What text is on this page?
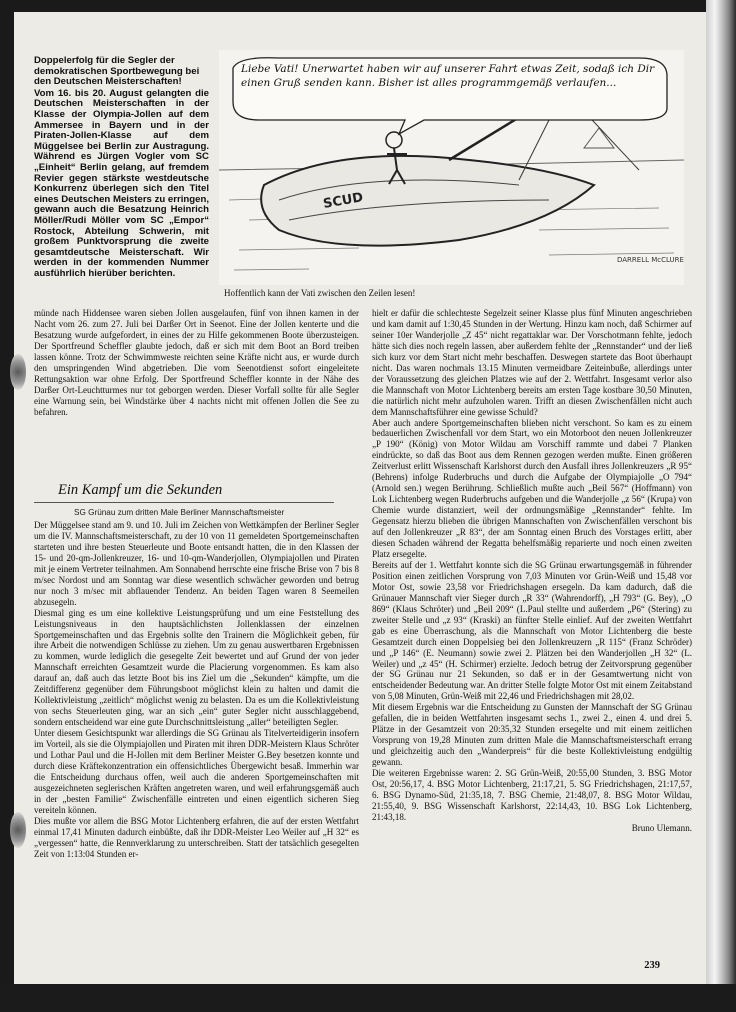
Doppelerfolg für die Segler der demokratischen Sportbewegung bei den Deutschen Meisterschaften!
Vom 16. bis 20. August gelangten die Deutschen Meisterschaften in der Klasse der Olympia-Jollen auf dem Ammersee in Bayern und in der Piraten-Jollen-Klasse auf dem Müggelsee bei Berlin zur Austragung. Während es Jürgen Vogler vom SC „Einheit“ Berlin gelang, auf fremdem Revier gegen stärkste westdeutsche Konkurrenz überlegen sich den Titel eines Deutschen Meisters zu erringen, gewann auch die Besatzung Heinrich Möller/Rudi Möller vom SC „Empor“ Rostock, Abteilung Schwerin, mit großem Punktvorsprung die zweite gesamtdeutsche Meisterschaft. Wir werden in der kommenden Nummer ausführlich hierüber berichten.
Liebe Vati! Unerwartet haben wir auf unserer Fahrt etwas Zeit, sodaß ich Dir einen Gruß senden kann. Bisher ist alles programmgemäß verlaufen...
SCUD
DARRELL McCLURE
Hoffentlich kann der Vati zwischen den Zeilen lesen!

münde nach Hiddensee waren sieben Jollen ausgelaufen, fünf von ihnen kamen in der Nacht vom 26. zum 27. Juli bei Darßer Ort in Seenot. Eine der Jollen kenterte und die Besatzung wurde aufgefordert, in eines der zu Hilfe gekommenen Boote überzusteigen. Der Sportfreund Scheffler glaubte jedoch, daß er sich mit dem Boot an Bord treiben lassen könne. Trotz der Schwimmweste reichten seine Kräfte nicht aus, er wurde durch den umspringenden Wind abgetrieben. Die vom Seenotdienst sofort eingeleitete Rettungsaktion war ohne Erfolg. Der Sportfreund Scheffler konnte in der Nähe des Darßer Ort-Leuchtturmes nur tot geborgen werden. Dieser Vorfall sollte für alle Segler eine Warnung sein, bei Windstärke über 4 nachts nicht mit offenen Jollen die See zu befahren.

Ein Kampf um die Sekunden
SG Grünau zum dritten Male Berliner Mannschaftsmeister

Der Müggelsee stand am 9. und 10. Juli im Zeichen von Wettkämpfen der Berliner Segler um die IV. Mannschaftsmeisterschaft, zu der 10 von 11 gemeldeten Sportgemeinschaften starteten und ihre besten Steuerleute und Boote entsandt hatten, die in den Klassen der 15- und 20-qm-Jollenkreuzer, 16- und 10-qm-Wanderjollen, Olympiajollen und Piraten mit je einem Vertreter teilnahmen. Am Sonnabend herrschte eine frische Brise von 7 bis 8 m/sec Nordost und am Sonntag war diese wesentlich schwächer geworden und betrug nur noch 3 m/sec mit abflauender Tendenz. An beiden Tagen waren 8 Seemeilen abzusegeln.

Diesmal ging es um eine kollektive Leistungsprüfung und um eine Feststellung des Leistungsniveaus in den hauptsächlichsten Jollenklassen der einzelnen Sportgemeinschaften und das Ergebnis sollte den Trainern die Möglichkeit geben, für ihre Arbeit die notwendigen Schlüsse zu ziehen. Um zu genau auswertbaren Ergebnissen zu kommen, wurde lediglich die gesegelte Zeit bewertet und auf Grund der von jeder Mannschaft erreichten Gesamtzeit wurde die Placierung vorgenommen. Es kam also darauf an, daß auch das letzte Boot bis ins Ziel um die „Sekunden“ kämpfte, um die Zeitdifferenz gegenüber dem Führungsboot möglichst klein zu halten und damit die Kollektivleistung „zeitlich“ möglichst wenig zu belasten. Da es um die Kollektivleistung von sechs Steuerleuten ging, war an sich „ein“ guter Segler nicht ausschlaggebend, sondern entscheidend war eine gute Durchschnittsleistung „aller“ beteiligten Segler.

Unter diesem Gesichtspunkt war allerdings die SG Grünau als Titelverteidigerin insofern im Vorteil, als sie die Olympiajollen und Piraten mit ihren DDR-Meistern Klaus Schröter und Lothar Paul und die H-Jollen mit dem Berliner Meister G.Bey besetzen konnte und durch diese Kräftekonzentration ein offensichtliches Übergewicht besaß. Immerhin war die Entscheidung durchaus offen, weil auch die anderen Sportgemeinschaften mit ausgezeichneten seglerischen Kräften angetreten waren, und weil erfahrungsgemäß auch in der „besten Familie“ Zwischenfälle eintreten und einen eigentlich sicheren Sieg vereiteln können.

Dies mußte vor allem die BSG Motor Lichtenberg erfahren, die auf der ersten Wettfahrt einmal 17,41 Minuten dadurch einbüßte, daß ihr DDR-Meister Leo Weiler auf „H 32“ es „vergessen“ hatte, die Rennverklarung zu unterschreiben. Statt der tatsächlich gesegelten Zeit von 1:13:04 Stunden er-

hielt er dafür die schlechteste Segelzeit seiner Klasse plus fünf Minuten angeschrieben und kam damit auf 1:30,45 Stunden in der Wertung. Hinzu kam noch, daß Schirmer auf seiner 10er Wanderjolle „Z 45“ nicht regattaklar war. Der Vorschotmann fehlte, jedoch hätte sich dies noch regeln lassen, aber außerdem fehlte der „Rennstander“ und der ließ sich kurz vor dem Start nicht mehr beschaffen. Deswegen startete das Boot überhaupt nicht. Das waren nochmals 13.15 Minuten vermeidbare Zeiteinbuße, allerdings unter der Voraussetzung des gleichen Platzes wie auf der 2. Wettfahrt. Insgesamt verlor also die Mannschaft von Motor Lichtenberg bereits am ersten Tage kostbare 30,50 Minuten, die natürlich nicht mehr aufzuholen waren. Trifft an diesen Zwischenfällen nicht auch dem Mannschaftsführer eine gewisse Schuld?

Aber auch andere Sportgemeinschaften blieben nicht verschont. So kam es zu einem bedauerlichen Zwischenfall vor dem Start, wo ein Motorboot den neuen Jollenkreuzer „P 190“ (König) von Motor Wildau am Vorschiff rammte und dabei 7 Planken eindrückte, so daß das Boot aus dem Rennen gezogen werden mußte. Einen größeren Zeitverlust erlitt Wissenschaft Karlshorst durch den Ausfall ihres Jollenkreuzers „R 95“ (Behrens) infolge Ruderbruchs und durch die Aufgabe der Olympiajolle „O 794“ (Arnold sen.) wegen Berührung. Schließlich mußte auch „Beil 567“ (Hoffmann) von Lok Lichtenberg wegen Ruderbruchs aufgeben und die Wanderjolle „z 56“ (Krupa) von Chemie wurde distanziert, weil der ordnungsmäßige „Rennstander“ fehlte. Im Gegensatz hierzu blieben die übrigen Mannschaften von Zwischenfällen verschont bis auf den Jollenkreuzer „R 83“, der am Sonntag einen Bruch des Vorstages erlitt, aber diesen Schaden während der Regatta behelfsmäßig reparierte und noch einen zweiten Platz ersegelte.

Bereits auf der 1. Wettfahrt konnte sich die SG Grünau erwartungsgemäß in führender Position einen zeitlichen Vorsprung von 7,03 Minuten vor Grün-Weiß und 15,48 vor Motor Ost, sowie 23,58 vor Friedrichshagen ersegeln. Da kam dadurch, daß die Grünauer Mannschaft vier Sieger durch „R 33“ (Wahrendorff), „H 793“ (G. Bey), „O 869“ (Klaus Schröter) und „Beil 209“ (L.Paul stellte und außerdem „P6“ (Stering) zu zweiter Stelle und „z 93“ (Kraski) an fünfter Stelle einlief. Auf der zweiten Wettfahrt gab es eine Überraschung, als die Mannschaft von Motor Lichtenberg die beste Gesamtzeit durch einen Doppelsieg bei den Jollenkreuzern „R 115“ (Franz Schröder) und „P 146“ (E. Neumann) sowie zwei 2. Plätzen bei den Wanderjollen „H 32“ (L. Weiler) und „z 45“ (H. Schirmer) erzielte. Jedoch betrug der Zeitvorsprung gegenüber der SG Grünau nur 21 Sekunden, so daß er in der Gesamtwertung nicht von entscheidender Bedeutung war. An dritter Stelle folgte Motor Ost mit einem Zeitabstand von 5,08 Minuten, Grün-Weiß mit 22,46 und Friedrichshagen mit 28,02.

Mit diesem Ergebnis war die Entscheidung zu Gunsten der Mannschaft der SG Grünau gefallen, die in beiden Wettfahrten insgesamt sechs 1., zwei 2., einen 4. und drei 5. Plätze in der Gesamtzeit von 20:35,32 Stunden ersegelte und mit einem zeitlichen Vorsprung von 19,28 Minuten zum dritten Male die Mannschaftsmeisterschaft errang und gleichzeitig auch den „Wanderpreis“ für die beste Kollektivleistung endgültig gewann.

Die weiteren Ergebnisse waren: 2. SG Grün-Weiß, 20:55,00 Stunden, 3. BSG Motor Ost, 20:56,17, 4. BSG Motor Lichtenberg, 21:17,21, 5. SG Friedrichshagen, 21:17,57, 6. BSG Dynamo-Süd, 21:35,18, 7. BSG Chemie, 21:48,07, 8. BSG Motor Wildau, 21:55,40, 9. BSG Wissenschaft Karlshorst, 22:14,43, 10. BSG Lok Lichtenberg, 21:43,18.

Bruno Ulemann.

239
